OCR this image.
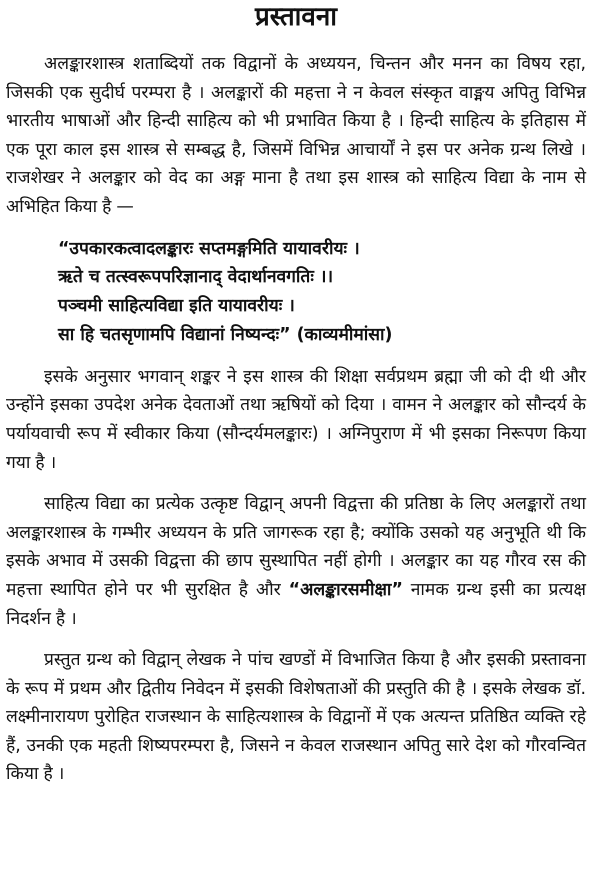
प्रस्तावना

अलङ्कारशास्त्र शताब्दियों तक विद्वानों के अध्ययन, चिन्तन और मनन का विषय रहा, जिसकी एक सुदीर्घ परम्परा है । अलङ्कारों की महत्ता ने न केवल संस्कृत वाङ्मय अपितु विभिन्न भारतीय भाषाओं और हिन्दी साहित्य को भी प्रभावित किया है । हिन्दी साहित्य के इतिहास में एक पूरा काल इस शास्त्र से सम्बद्ध है, जिसमें विभिन्न आचार्यों ने इस पर अनेक ग्रन्थ लिखे । राजशेखर ने अलङ्कार को वेद का अङ्ग माना है तथा इस शास्त्र को साहित्य विद्या के नाम से अभिहित किया है —

“उपकारकत्वादलङ्कारः सप्तमङ्गमिति यायावरीयः ।
ऋते च तत्स्वरूपपरिज्ञानाद् वेदार्थानवगतिः ।।
पञ्चमी साहित्यविद्या इति यायावरीयः ।
सा हि चतसृणामपि विद्यानां निष्यन्दः” (काव्यमीमांसा)

इसके अनुसार भगवान् शङ्कर ने इस शास्त्र की शिक्षा सर्वप्रथम ब्रह्मा जी को दी थी और उन्होंने इसका उपदेश अनेक देवताओं तथा ऋषियों को दिया । वामन ने अलङ्कार को सौन्दर्य के पर्यायवाची रूप में स्वीकार किया (सौन्दर्यमलङ्कारः) । अग्निपुराण में भी इसका निरूपण किया गया है ।

साहित्य विद्या का प्रत्येक उत्कृष्ट विद्वान् अपनी विद्वत्ता की प्रतिष्ठा के लिए अलङ्कारों तथा अलङ्कारशास्त्र के गम्भीर अध्ययन के प्रति जागरूक रहा है; क्योंकि उसको यह अनुभूति थी कि इसके अभाव में उसकी विद्वत्ता की छाप सुस्थापित नहीं होगी । अलङ्कार का यह गौरव रस की महत्ता स्थापित होने पर भी सुरक्षित है और “अलङ्कारसमीक्षा” नामक ग्रन्थ इसी का प्रत्यक्ष निदर्शन है ।

प्रस्तुत ग्रन्थ को विद्वान् लेखक ने पांच खण्डों में विभाजित किया है और इसकी प्रस्तावना के रूप में प्रथम और द्वितीय निवेदन में इसकी विशेषताओं की प्रस्तुति की है । इसके लेखक डॉ. लक्ष्मीनारायण पुरोहित राजस्थान के साहित्यशास्त्र के विद्वानों में एक अत्यन्त प्रतिष्ठित व्यक्ति रहे हैं, उनकी एक महती शिष्यपरम्परा है, जिसने न केवल राजस्थान अपितु सारे देश को गौरवन्वित किया है ।
